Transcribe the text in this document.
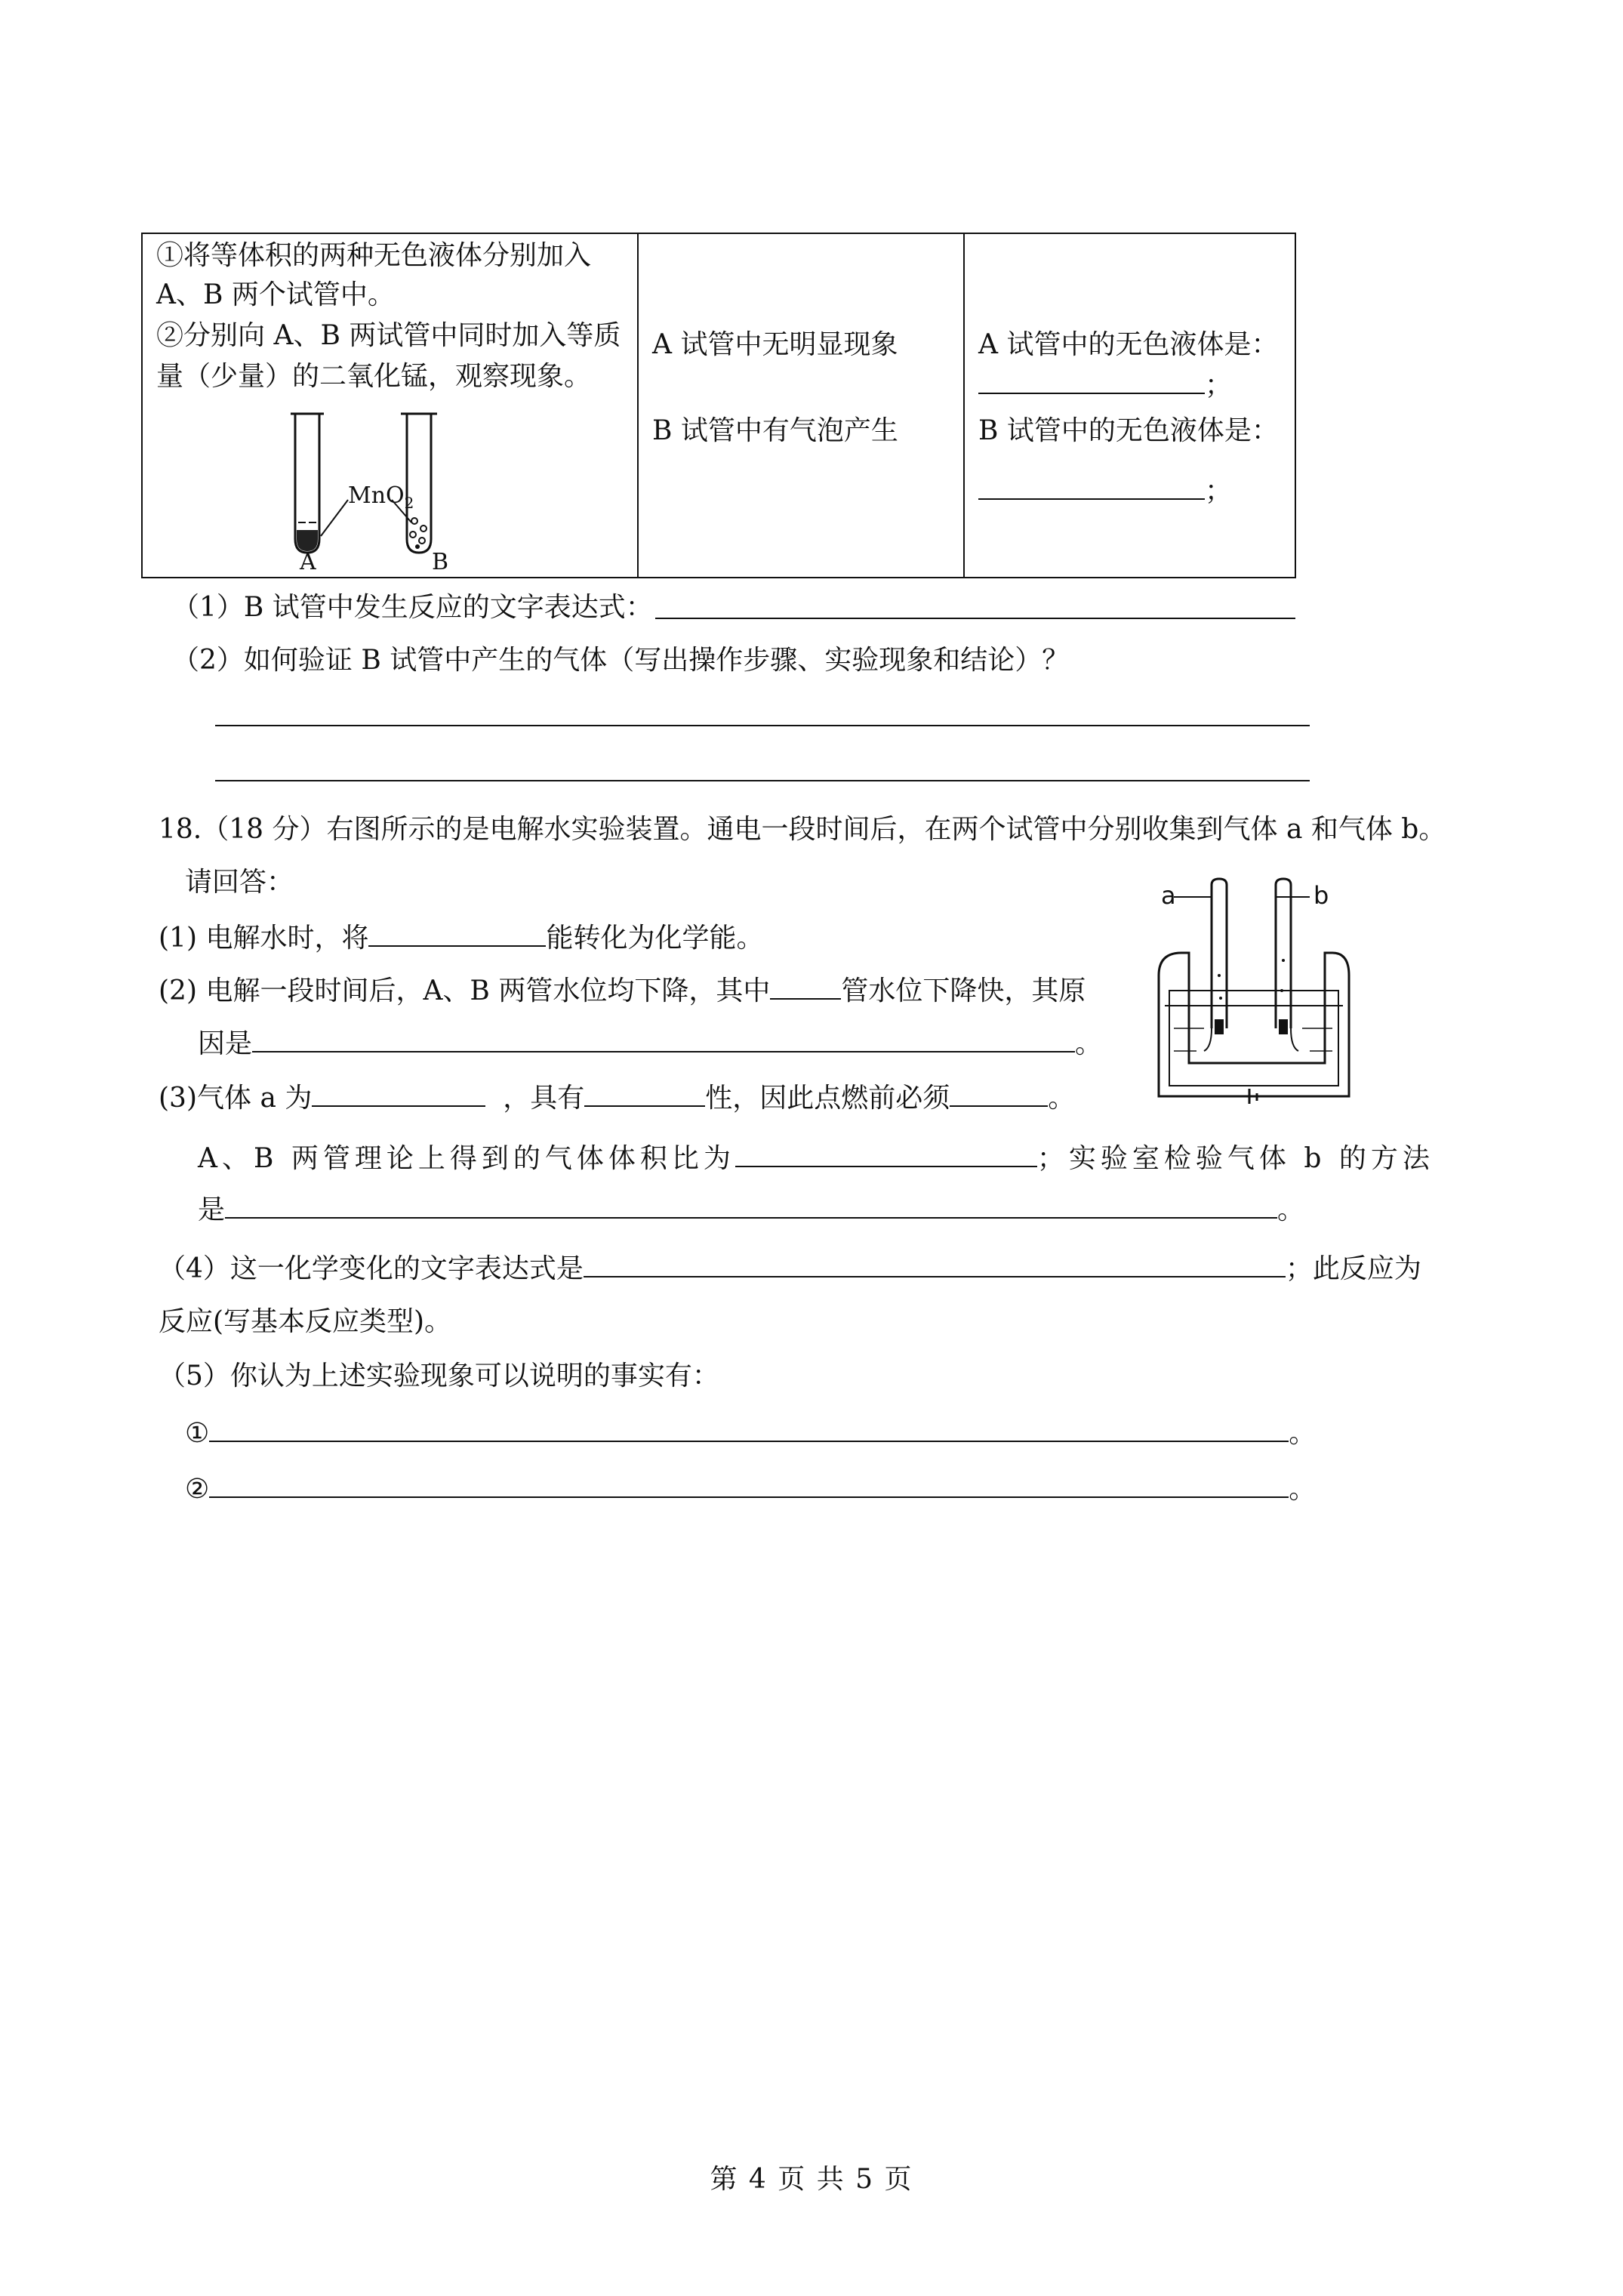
①将等体积的两种无色液体分别加入
A、B 两个试管中。
②分别向 A、B 两试管中同时加入等质
量（少量）的二氧化锰，观察现象。
MnO$_2$
A	B

A 试管中无明显现象
B 试管中有气泡产生

A 试管中的无色液体是：
；
B 试管中的无色液体是：
；
（1）B 试管中发生反应的文字表达式：
（2）如何验证 B 试管中产生的气体（写出操作步骤、实验现象和结论）？
18.（18 分）右图所示的是电解水实验装置。通电一段时间后，在两个试管中分别收集到气体 a 和气体 b。
请回答：	a	b
(1) 电解水时，将	能转化为化学能。
(2) 电解一段时间后，A、B 两管水位均下降，其中	管水位下降快，其原
因是	。
(3)气体 a 为	，具有	性，因此点燃前必须	。
A、B 两管理论上得到的气体体积比为	；实验室检验气体 b 的方法
是	。
（4）这一化学变化的文字表达式是	；此反应为
反应(写基本反应类型)。
（5）你认为上述实验现象可以说明的事实有：
①	。
②	。
第 4 页 共 5 页
